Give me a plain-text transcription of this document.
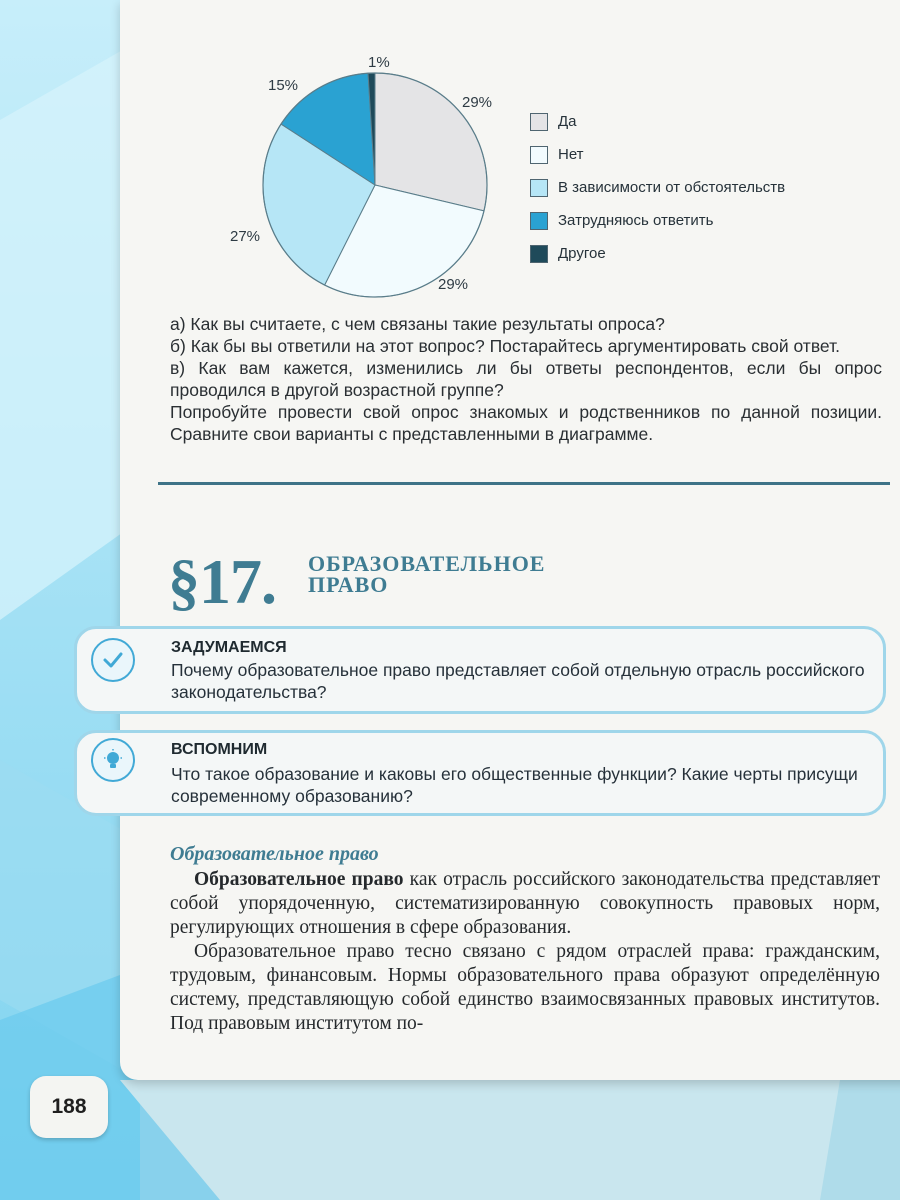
1%
29%
15%
27%
29%
Да
Нет
В зависимости от обстоятельств
Затрудняюсь ответить
Другое

а) Как вы считаете, с чем связаны такие результаты опроса?

б) Как бы вы ответили на этот вопрос? Постарайтесь аргументировать свой ответ.

в) Как вам кажется, изменились ли бы ответы респондентов, если бы опрос проводился в другой возрастной группе?

Попробуйте провести свой опрос знакомых и родственников по данной позиции. Сравните свои варианты с представленными в диаграмме.

§17. ОБРАЗОВАТЕЛЬНОЕ
ПРАВО
ЗАДУМАЕМСЯ
Почему образовательное право представляет собой отдельную отрасль российского законодательства?
ВСПОМНИМ
Что такое образование и каковы его общественные функции? Какие черты присущи современному образованию?
Образовательное право

Образовательное право как отрасль российского законодательства представляет собой упорядоченную, систематизированную совокупность правовых норм, регулирующих отношения в сфере образования.

Образовательное право тесно связано с рядом отраслей права: гражданским, трудовым, финансовым. Нормы образовательного права образуют определённую систему, представляющую собой единство взаимосвязанных правовых институтов. Под правовым институтом по-

188
